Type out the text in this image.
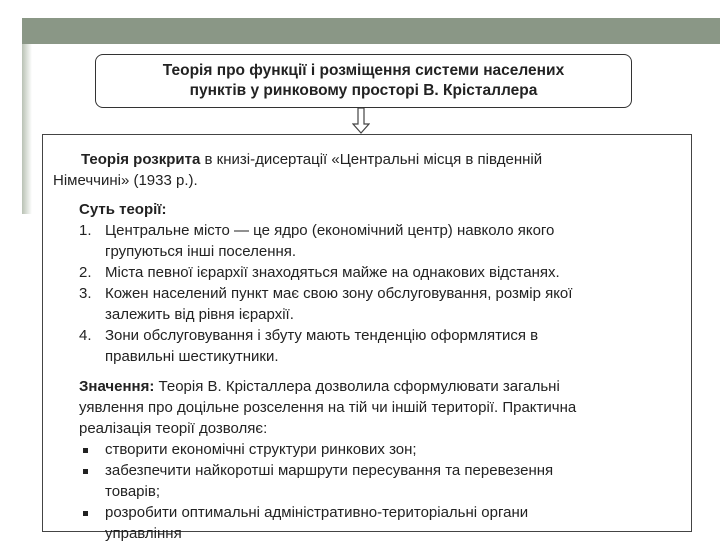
Теорія про функції і розміщення системи населених
пунктів у ринковому просторі В. Крісталлера
Теорія розкрита в книзі-дисертації «Центральні місця в південній
Німеччині» (1933 р.).
Суть теорії:
1. Центральне місто — це ядро (економічний центр) навколо якого
групуються інші поселення.
2. Міста певної ієрархії знаходяться майже на однакових відстанях.
3. Кожен населений пункт має свою зону обслуговування, розмір якої
залежить від рівня ієрархії.
4. Зони обслуговування і збуту мають тенденцію оформлятися в
правильні шестикутники.
Значення: Теорія В. Крісталлера дозволила сформулювати загальні
уявлення про доцільне розселення на тій чи іншій території. Практична
реалізація теорії дозволяє:
створити економічні структури ринкових зон;
забезпечити найкоротші маршрути пересування та перевезення
товарів;
розробити оптимальні адміністративно-територіальні органи
управління
